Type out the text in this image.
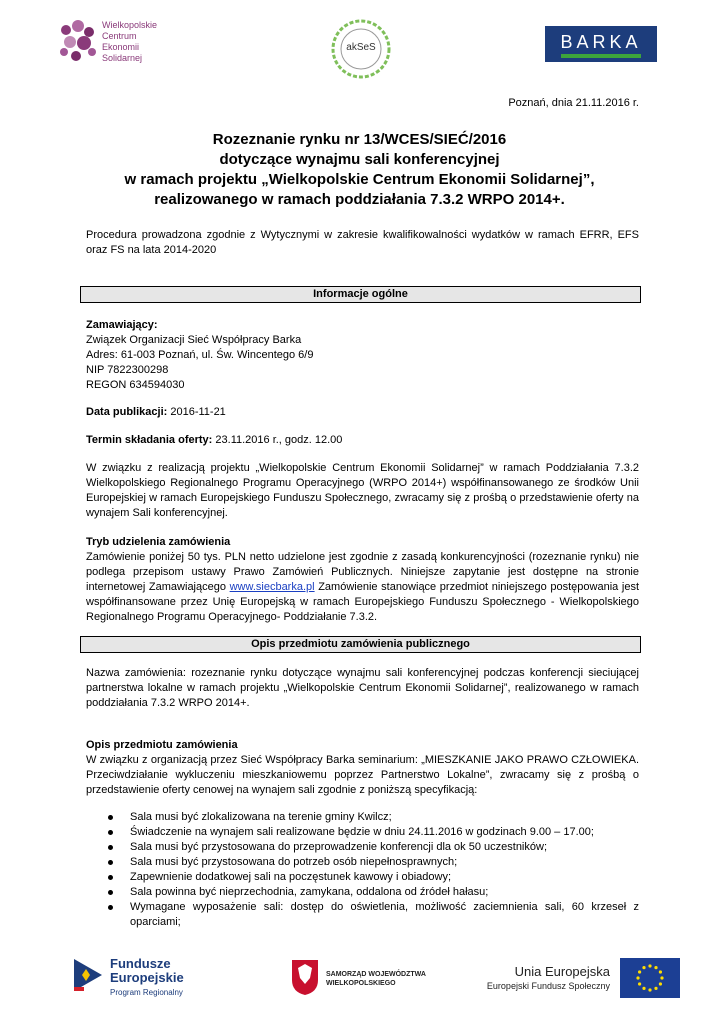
Wielkopolskie
Centrum
Ekonomii
Solidarnej
akSeS	BARKA
Poznań, dnia 21.11.2016 r.
Rozeznanie rynku nr 13/WCES/SIEĆ/2016
dotyczące wynajmu sali konferencyjnej
w ramach projektu „Wielkopolskie Centrum Ekonomii Solidarnej”,
realizowanego w ramach poddziałania 7.3.2 WRPO 2014+.
Procedura prowadzona zgodnie z Wytycznymi w zakresie kwalifikowalności wydatków w ramach EFRR, EFS oraz FS na lata 2014-2020
Informacje ogólne
Zamawiający:
Związek Organizacji Sieć Współpracy Barka
Adres: 61-003 Poznań, ul. Św. Wincentego 6/9
NIP 7822300298
REGON 634594030
Data publikacji: 2016-11-21
Termin składania oferty: 23.11.2016 r., godz. 12.00
W związku z realizacją projektu „Wielkopolskie Centrum Ekonomii Solidarnej” w ramach Poddziałania 7.3.2 Wielkopolskiego Regionalnego Programu Operacyjnego (WRPO 2014+) współfinansowanego ze środków Unii Europejskiej w ramach Europejskiego Funduszu Społecznego, zwracamy się z prośbą o przedstawienie oferty na wynajem Sali konferencyjnej.
Tryb udzielenia zamówienia
Zamówienie poniżej 50 tys. PLN netto udzielone jest zgodnie z zasadą konkurencyjności (rozeznanie rynku) nie podlega przepisom ustawy Prawo Zamówień Publicznych. Niniejsze zapytanie jest dostępne na stronie internetowej Zamawiającego www.siecbarka.pl Zamówienie stanowiące przedmiot niniejszego postępowania jest współfinansowane przez Unię Europejską w ramach Europejskiego Funduszu Społecznego - Wielkopolskiego Regionalnego Programu Operacyjnego- Poddziałanie 7.3.2.
Opis przedmiotu zamówienia publicznego
Nazwa zamówienia: rozeznanie rynku dotyczące wynajmu sali konferencyjnej podczas konferencji sieciującej partnerstwa lokalne w ramach projektu „Wielkopolskie Centrum Ekonomii Solidarnej”, realizowanego w ramach poddziałania 7.3.2 WRPO 2014+.
Opis przedmiotu zamówienia
W związku z organizacją przez Sieć Współpracy Barka seminarium: „MIESZKANIE JAKO PRAWO CZŁOWIEKA. Przeciwdziałanie wykluczeniu mieszkaniowemu poprzez Partnerstwo Lokalne”, zwracamy się z prośbą o przedstawienie oferty cenowej na wynajem sali zgodnie z poniższą specyfikacją:
Sala musi być zlokalizowana na terenie gminy Kwilcz;
Świadczenie na wynajem sali realizowane będzie w dniu 24.11.2016 w godzinach 9.00 – 17.00;
Sala musi być przystosowana do przeprowadzenie konferencji dla ok 50 uczestników;
Sala musi być przystosowana do potrzeb osób niepełnosprawnych;
Zapewnienie dodatkowej sali na poczęstunek kawowy i obiadowy;
Sala powinna być nieprzechodnia, zamykana, oddalona od źródeł hałasu;
Wymagane wyposażenie sali: dostęp do oświetlenia, możliwość zaciemnienia sali, 60 krzeseł z oparciami;
Fundusze
Europejskie
Program Regionalny
SAMORZĄD WOJEWÓDZTWA
WIELKOPOLSKIEGO
Unia Europejska
Europejski Fundusz Społeczny
